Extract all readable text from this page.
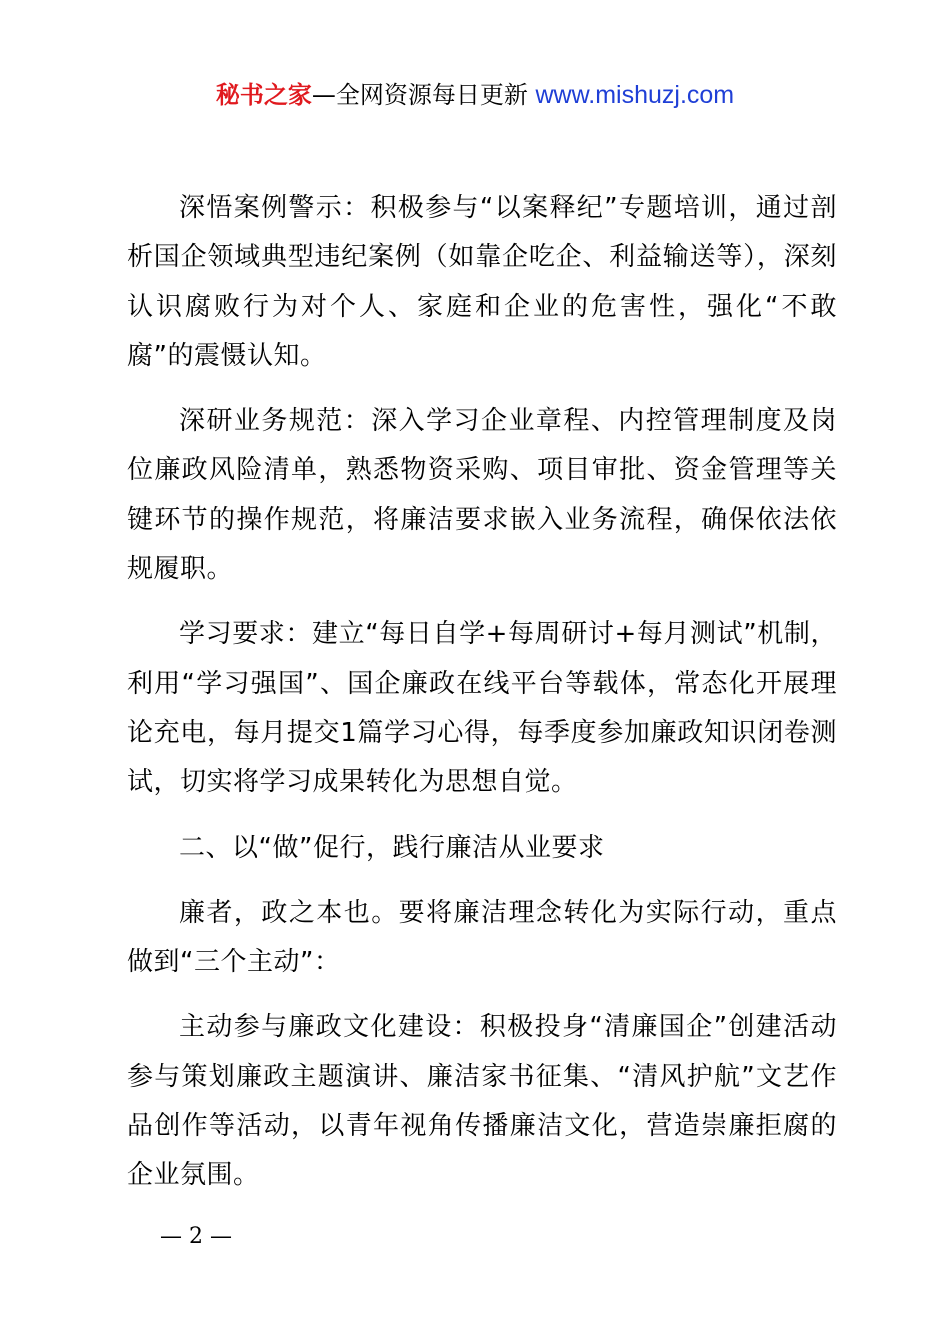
秘书之家—全网资源每日更新 www.mishuzj.com

深悟案例警示：积极参与“以案释纪”专题培训，通过剖析国企领域典型违纪案例（如靠企吃企、利益输送等），深刻认识腐败行为对个人、家庭和企业的危害性，强化“不敢腐”的震慑认知。

深研业务规范：深入学习企业章程、内控管理制度及岗位廉政风险清单，熟悉物资采购、项目审批、资金管理等关键环节的操作规范，将廉洁要求嵌入业务流程，确保依法依规履职。

学习要求：建立“每日自学+每周研讨+每月测试”机制，利用“学习强国”、国企廉政在线平台等载体，常态化开展理论充电，每月提交1篇学习心得，每季度参加廉政知识闭卷测试，切实将学习成果转化为思想自觉。

二、以“做”促行，践行廉洁从业要求

廉者，政之本也。要将廉洁理念转化为实际行动，重点做到“三个主动”：

主动参与廉政文化建设：积极投身“清廉国企”创建活动参与策划廉政主题演讲、廉洁家书征集、“清风护航”文艺作品创作等活动，以青年视角传播廉洁文化，营造崇廉拒腐的企业氛围。

— 2 —
